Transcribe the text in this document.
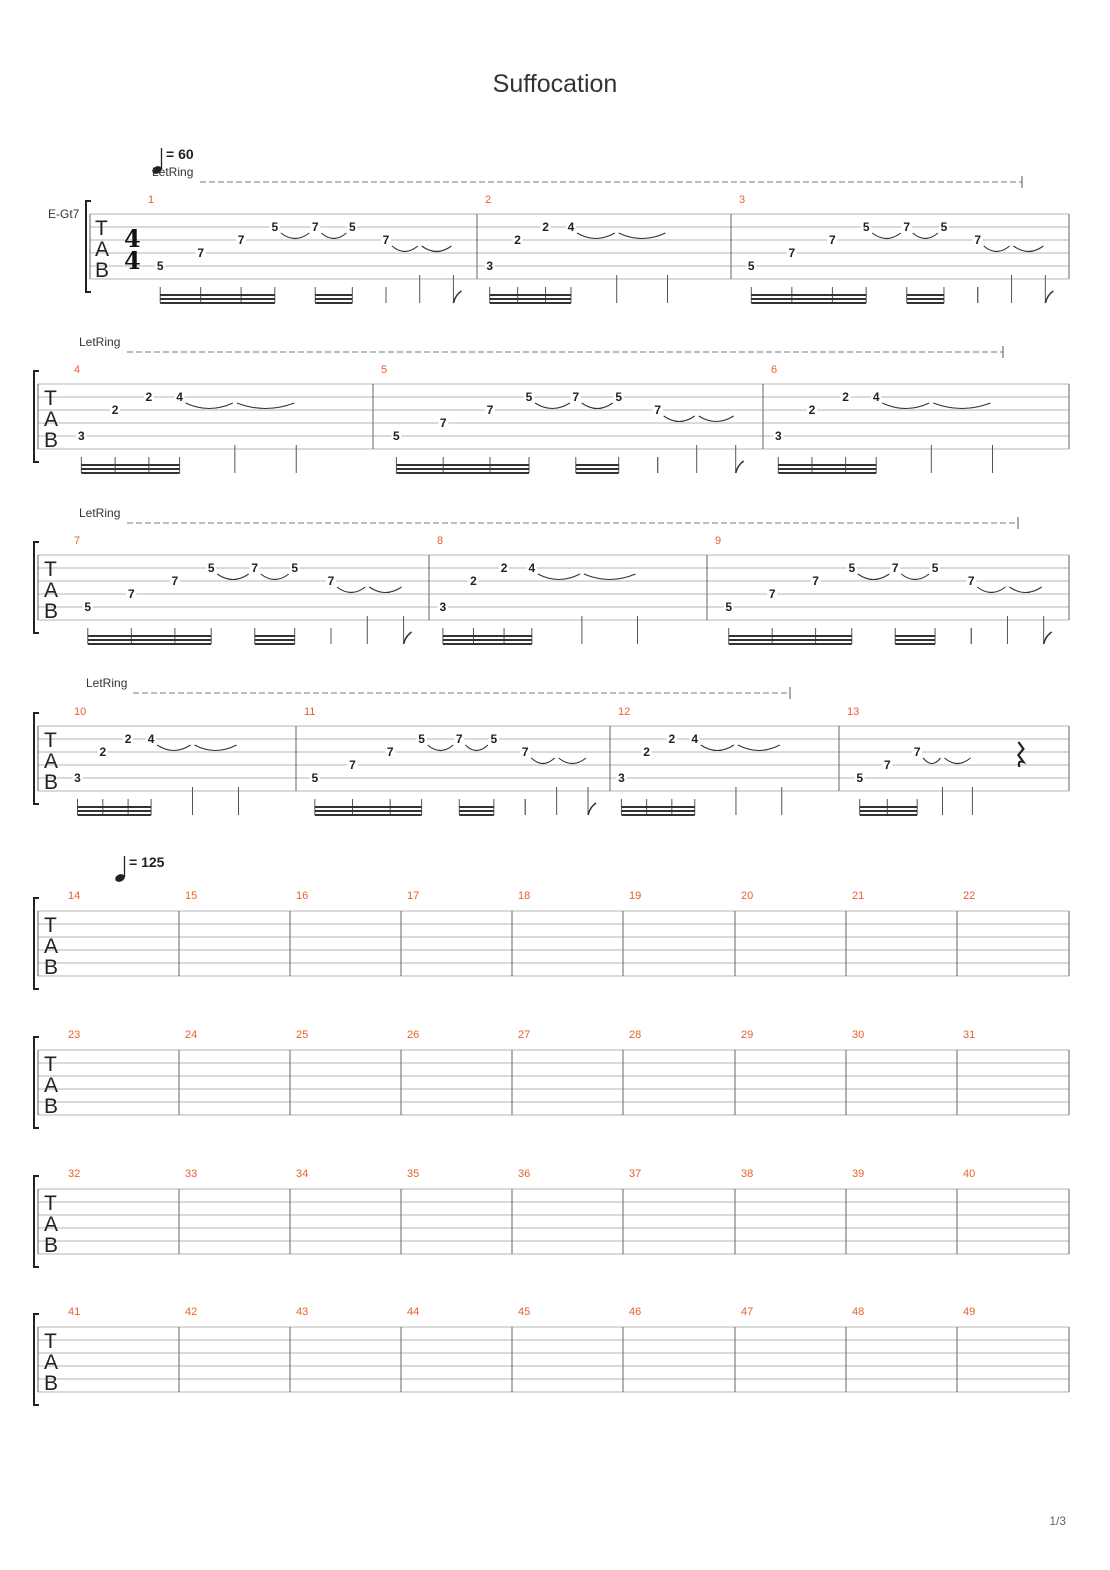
Suffocation
= 60
= 125
LetRing
E-Gt7
T
A
B
4
4
1
5
7
7
5	7	5
7
2
3
2
2 4
3
5
7
7
5	7	5
7
LetRing
T
A
B
4
3
2
2 4
5
5
7
7
5	7	5
7
6
3
2
2 4
LetRing
T
A
B
7
5
7
7
5	7	5
7
8
3
2
2 4
9
5
7
7
5	7	5
7
LetRing
T
A
B
10
3
2
2 4
11
5
7
7
5	7 5
7
12
3
2
2 4
13
5
7
7
T
A
B
14	15	16	17	18	19	20	21	22
T
A
B
23	24	25	26	27	28	29	30	31
T
A
B
32	33	34	35	36	37	38	39	40
T
A
B
41	42	43	44	45	46	47	48	49
1/3
